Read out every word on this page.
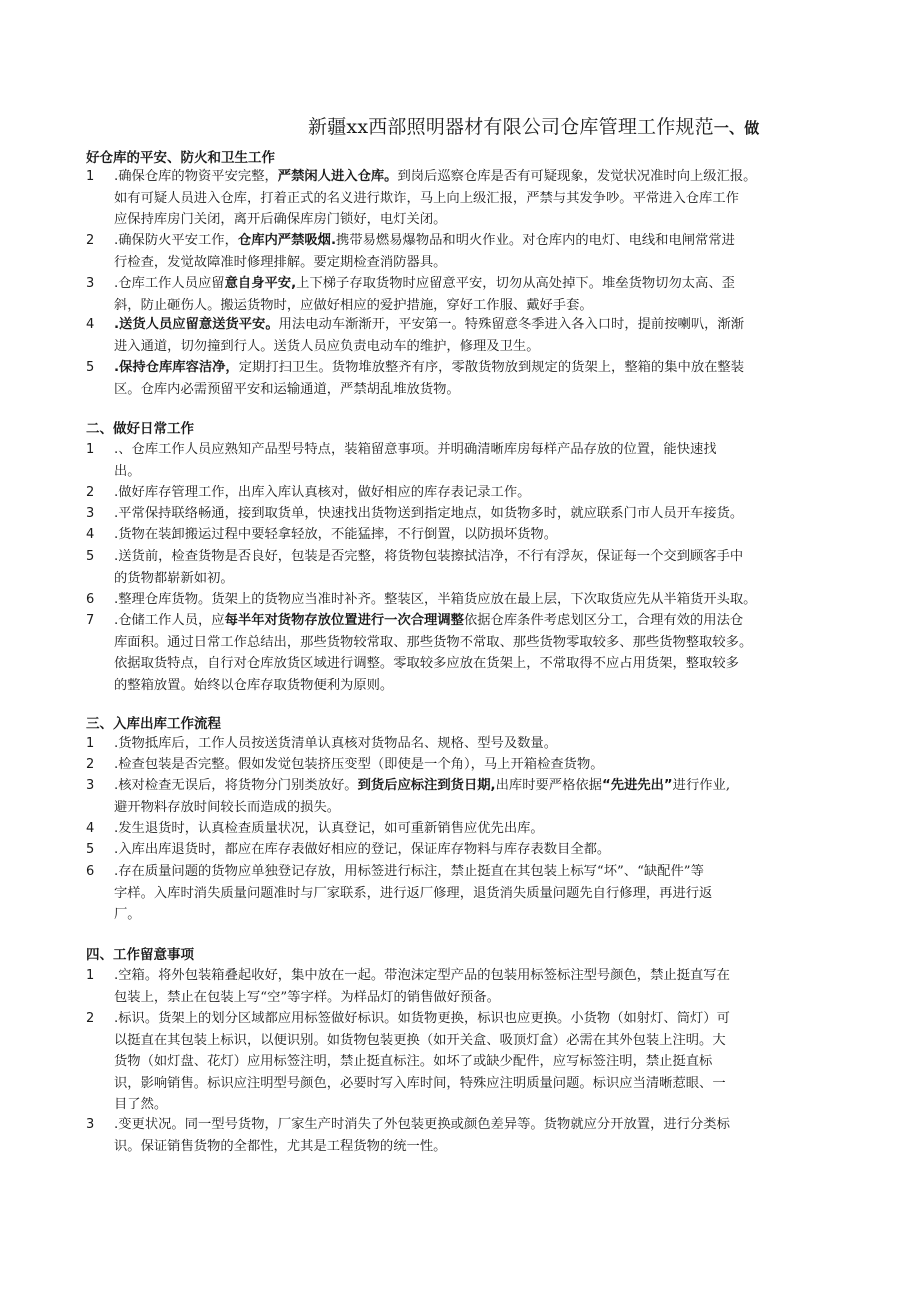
新疆xx西部照明器材有限公司仓库管理工作规范一、做
好仓库的平安、防火和卫生工作
1	.确保仓库的物资平安完整，严禁闲人进入仓库。到岗后巡察仓库是否有可疑现象，发觉状况准时向上级汇报。
如有可疑人员进入仓库，打着正式的名义进行欺诈，马上向上级汇报，严禁与其发争吵。平常进入仓库工作
应保持库房门关闭，离开后确保库房门锁好，电灯关闭。
2	.确保防火平安工作，仓库内严禁吸烟.携带易燃易爆物品和明火作业。对仓库内的电灯、电线和电闸常常进
行检查，发觉故障准时修理排解。要定期检查消防器具。
3	.仓库工作人员应留意自身平安,上下梯子存取货物时应留意平安，切勿从高处掉下。堆垒货物切勿太高、歪
斜，防止砸伤人。搬运货物时，应做好相应的爱护措施，穿好工作服、戴好手套。
4	.送货人员应留意送货平安。用法电动车渐渐开，平安第一。特殊留意冬季进入各入口时，提前按喇叭，渐渐
进入通道，切勿撞到行人。送货人员应负责电动车的维护，修理及卫生。
5	.保持仓库库容洁净，定期打扫卫生。货物堆放整齐有序，零散货物放到规定的货架上，整箱的集中放在整装
区。仓库内必需预留平安和运输通道，严禁胡乱堆放货物。
二、做好日常工作
1	.、仓库工作人员应熟知产品型号特点，装箱留意事项。并明确清晰库房每样产品存放的位置，能快速找
出。
2	.做好库存管理工作，出库入库认真核对，做好相应的库存表记录工作。
3	.平常保持联络畅通，接到取货单，快速找出货物送到指定地点，如货物多时，就应联系门市人员开车接货。
4	.货物在装卸搬运过程中要轻拿轻放，不能猛摔，不行倒置，以防损坏货物。
5	.送货前，检查货物是否良好，包装是否完整，将货物包装擦拭洁净，不行有浮灰，保证每一个交到顾客手中
的货物都崭新如初。
6	.整理仓库货物。货架上的货物应当准时补齐。整装区，半箱货应放在最上层，下次取货应先从半箱货开头取。
7	.仓储工作人员，应每半年对货物存放位置进行一次合理调整依据仓库条件考虑划区分工，合理有效的用法仓
库面积。通过日常工作总结出，那些货物较常取、那些货物不常取、那些货物零取较多、那些货物整取较多。
依据取货特点，自行对仓库放货区域进行调整。零取较多应放在货架上，不常取得不应占用货架，整取较多
的整箱放置。始终以仓库存取货物便利为原则。
三、入库出库工作流程
1	.货物抵库后，工作人员按送货清单认真核对货物品名、规格、型号及数量。
2	.检查包装是否完整。假如发觉包装挤压变型（即使是一个角），马上开箱检查货物。
3	.核对检查无误后，将货物分门别类放好。到货后应标注到货日期,出库时要严格依据“先进先出”进行作业,
避开物料存放时间较长而造成的损失。
4	.发生退货时，认真检查质量状况，认真登记，如可重新销售应优先出库。
5	.入库出库退货时，都应在库存表做好相应的登记，保证库存物料与库存表数目全都。
6	.存在质量问题的货物应单独登记存放，用标签进行标注，禁止挺直在其包装上标写“坏”、“缺配件”等
字样。入库时消失质量问题准时与厂家联系，进行返厂修理，退货消失质量问题先自行修理，再进行返
厂。
四、工作留意事项
1	.空箱。将外包装箱叠起收好，集中放在一起。带泡沫定型产品的包装用标签标注型号颜色，禁止挺直写在
包装上，禁止在包装上写“空”等字样。为样品灯的销售做好预备。
2	.标识。货架上的划分区域都应用标签做好标识。如货物更换，标识也应更换。小货物（如射灯、筒灯）可
以挺直在其包装上标识，以便识别。如货物包装更换（如开关盒、吸顶灯盒）必需在其外包装上注明。大
货物（如灯盘、花灯）应用标签注明，禁止挺直标注。如坏了或缺少配件，应写标签注明，禁止挺直标
识，影响销售。标识应注明型号颜色，必要时写入库时间，特殊应注明质量问题。标识应当清晰惹眼、一
目了然。
3	.变更状况。同一型号货物，厂家生产时消失了外包装更换或颜色差异等。货物就应分开放置，进行分类标
识。保证销售货物的全都性，尤其是工程货物的统一性。
